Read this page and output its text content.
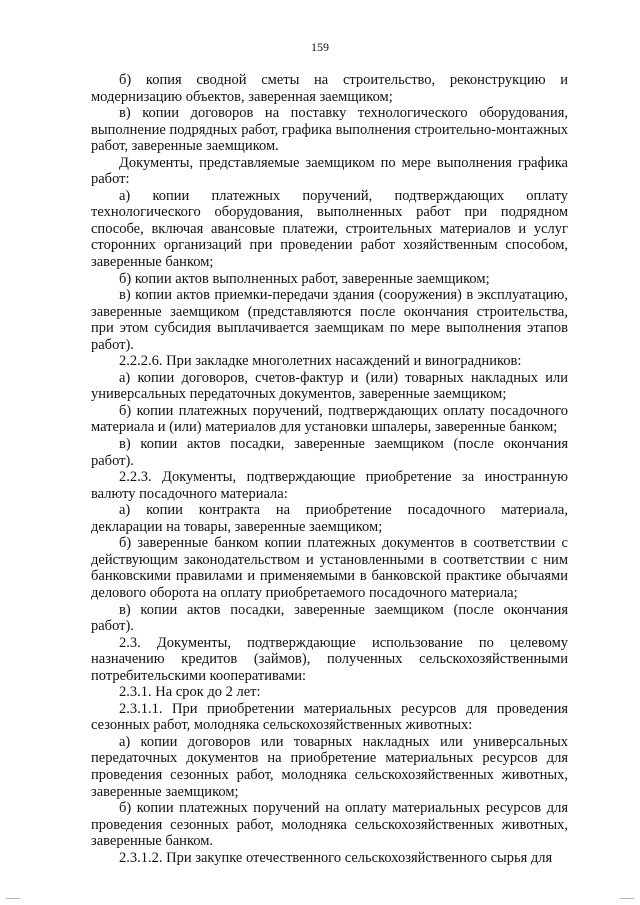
159

б) копия сводной сметы на строительство, реконструкцию и модернизацию объектов, заверенная заемщиком;

в) копии договоров на поставку технологического оборудования, выполнение подрядных работ, графика выполнения строительно-монтажных работ, заверенные заемщиком.

Документы, представляемые заемщиком по мере выполнения графика работ:

а) копии платежных поручений, подтверждающих оплату технологического оборудования, выполненных работ при подрядном способе, включая авансовые платежи, строительных материалов и услуг сторонних организаций при проведении работ хозяйственным способом, заверенные банком;

б) копии актов выполненных работ, заверенные заемщиком;

в) копии актов приемки-передачи здания (сооружения) в эксплуатацию, заверенные заемщиком (представляются после окончания строительства, при этом субсидия выплачивается заемщикам по мере выполнения этапов работ).

2.2.2.6. При закладке многолетних насаждений и виноградников:

а) копии договоров, счетов-фактур и (или) товарных накладных или универсальных передаточных документов, заверенные заемщиком;

б) копии платежных поручений, подтверждающих оплату посадочного материала и (или) материалов для установки шпалеры, заверенные банком;

в) копии актов посадки, заверенные заемщиком (после окончания работ).

2.2.3. Документы, подтверждающие приобретение за иностранную валюту посадочного материала:

а) копии контракта на приобретение посадочного материала, декларации на товары, заверенные заемщиком;

б) заверенные банком копии платежных документов в соответствии с действующим законодательством и установленными в соответствии с ним банковскими правилами и применяемыми в банковской практике обычаями делового оборота на оплату приобретаемого посадочного материала;

в) копии актов посадки, заверенные заемщиком (после окончания работ).

2.3. Документы, подтверждающие использование по целевому назначению кредитов (займов), полученных сельскохозяйственными потребительскими кооперативами:

2.3.1. На срок до 2 лет:

2.3.1.1. При приобретении материальных ресурсов для проведения сезонных работ, молодняка сельскохозяйственных животных:

а) копии договоров или товарных накладных или универсальных передаточных документов на приобретение материальных ресурсов для проведения сезонных работ, молодняка сельскохозяйственных животных, заверенные заемщиком;

б) копии платежных поручений на оплату материальных ресурсов для проведения сезонных работ, молодняка сельскохозяйственных животных, заверенные банком.

2.3.1.2. При закупке отечественного сельскохозяйственного сырья для
